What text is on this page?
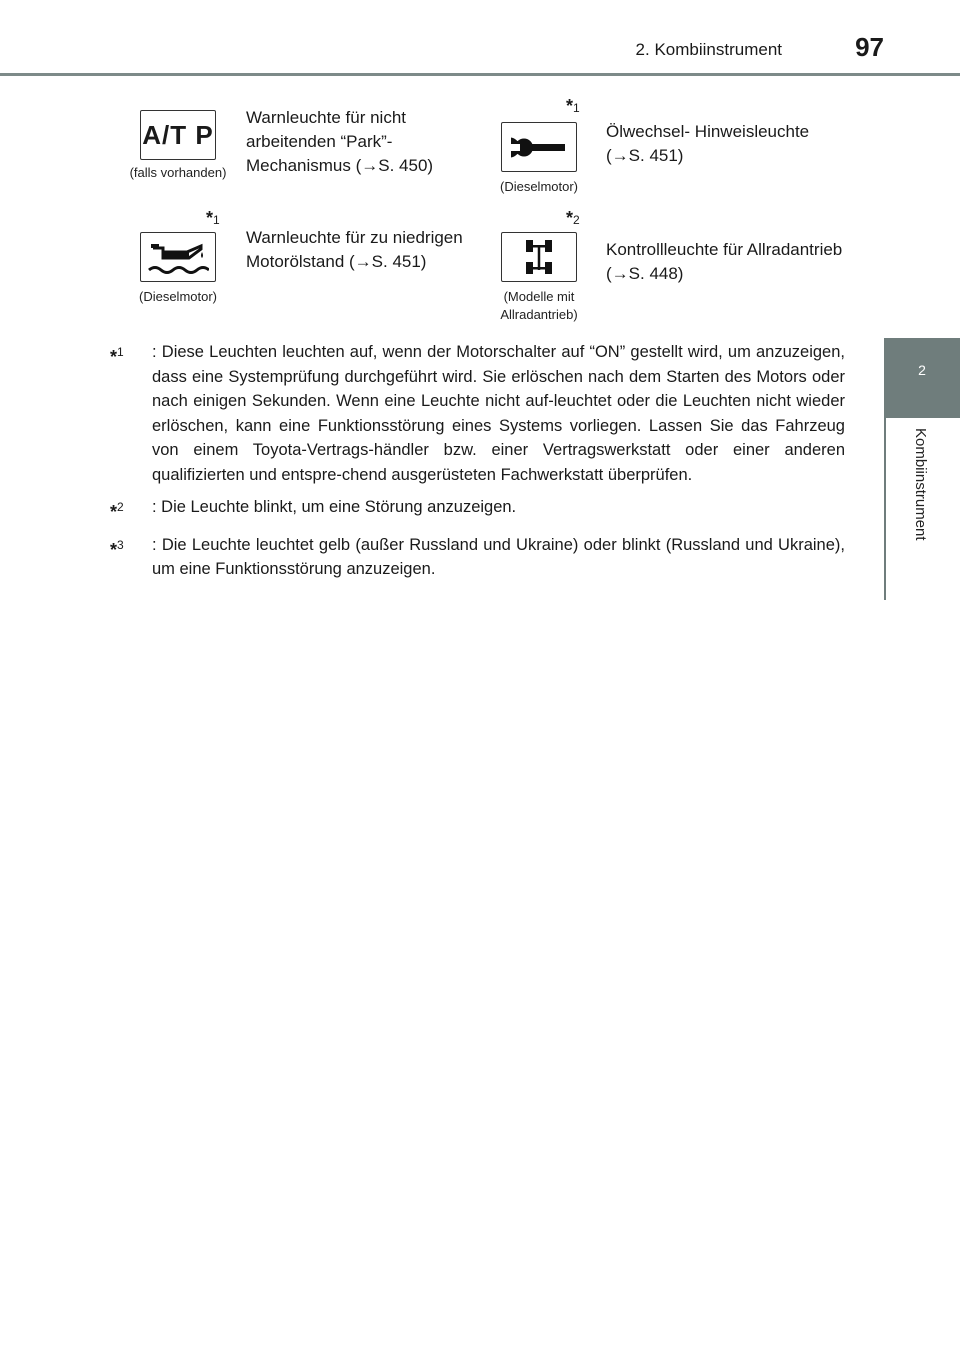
2. Kombiinstrument	97
2
Kombiinstrument
A/T P
(falls vorhanden)
Warnleuchte für nicht arbeitenden “Park”-Mechanismus (→S. 450)
*1
(Dieselmotor)
Ölwechsel- Hinweisleuchte (→S. 451)
*1
(Dieselmotor)
Warnleuchte für zu niedrigen Motorölstand (→S. 451)
*2
(Modelle mit Allradantrieb)
Kontrollleuchte für Allradantrieb (→S. 448)
*$^1$	: Diese Leuchten leuchten auf, wenn der Motorschalter auf “ON” gestellt wird, um anzuzeigen, dass eine Systemprüfung durchgeführt wird. Sie erlöschen nach dem Starten des Motors oder nach einigen Sekunden. Wenn eine Leuchte nicht auf-leuchtet oder die Leuchten nicht wieder erlöschen, kann eine Funktionsstörung eines Systems vorliegen. Lassen Sie das Fahrzeug von einem Toyota-Vertrags-händler bzw. einer Vertragswerkstatt oder einer anderen qualifizierten und entspre-chend ausgerüsteten Fachwerkstatt überprüfen.
*$^2$	: Die Leuchte blinkt, um eine Störung anzuzeigen.
*$^3$	: Die Leuchte leuchtet gelb (außer Russland und Ukraine) oder blinkt (Russland und Ukraine), um eine Funktionsstörung anzuzeigen.
